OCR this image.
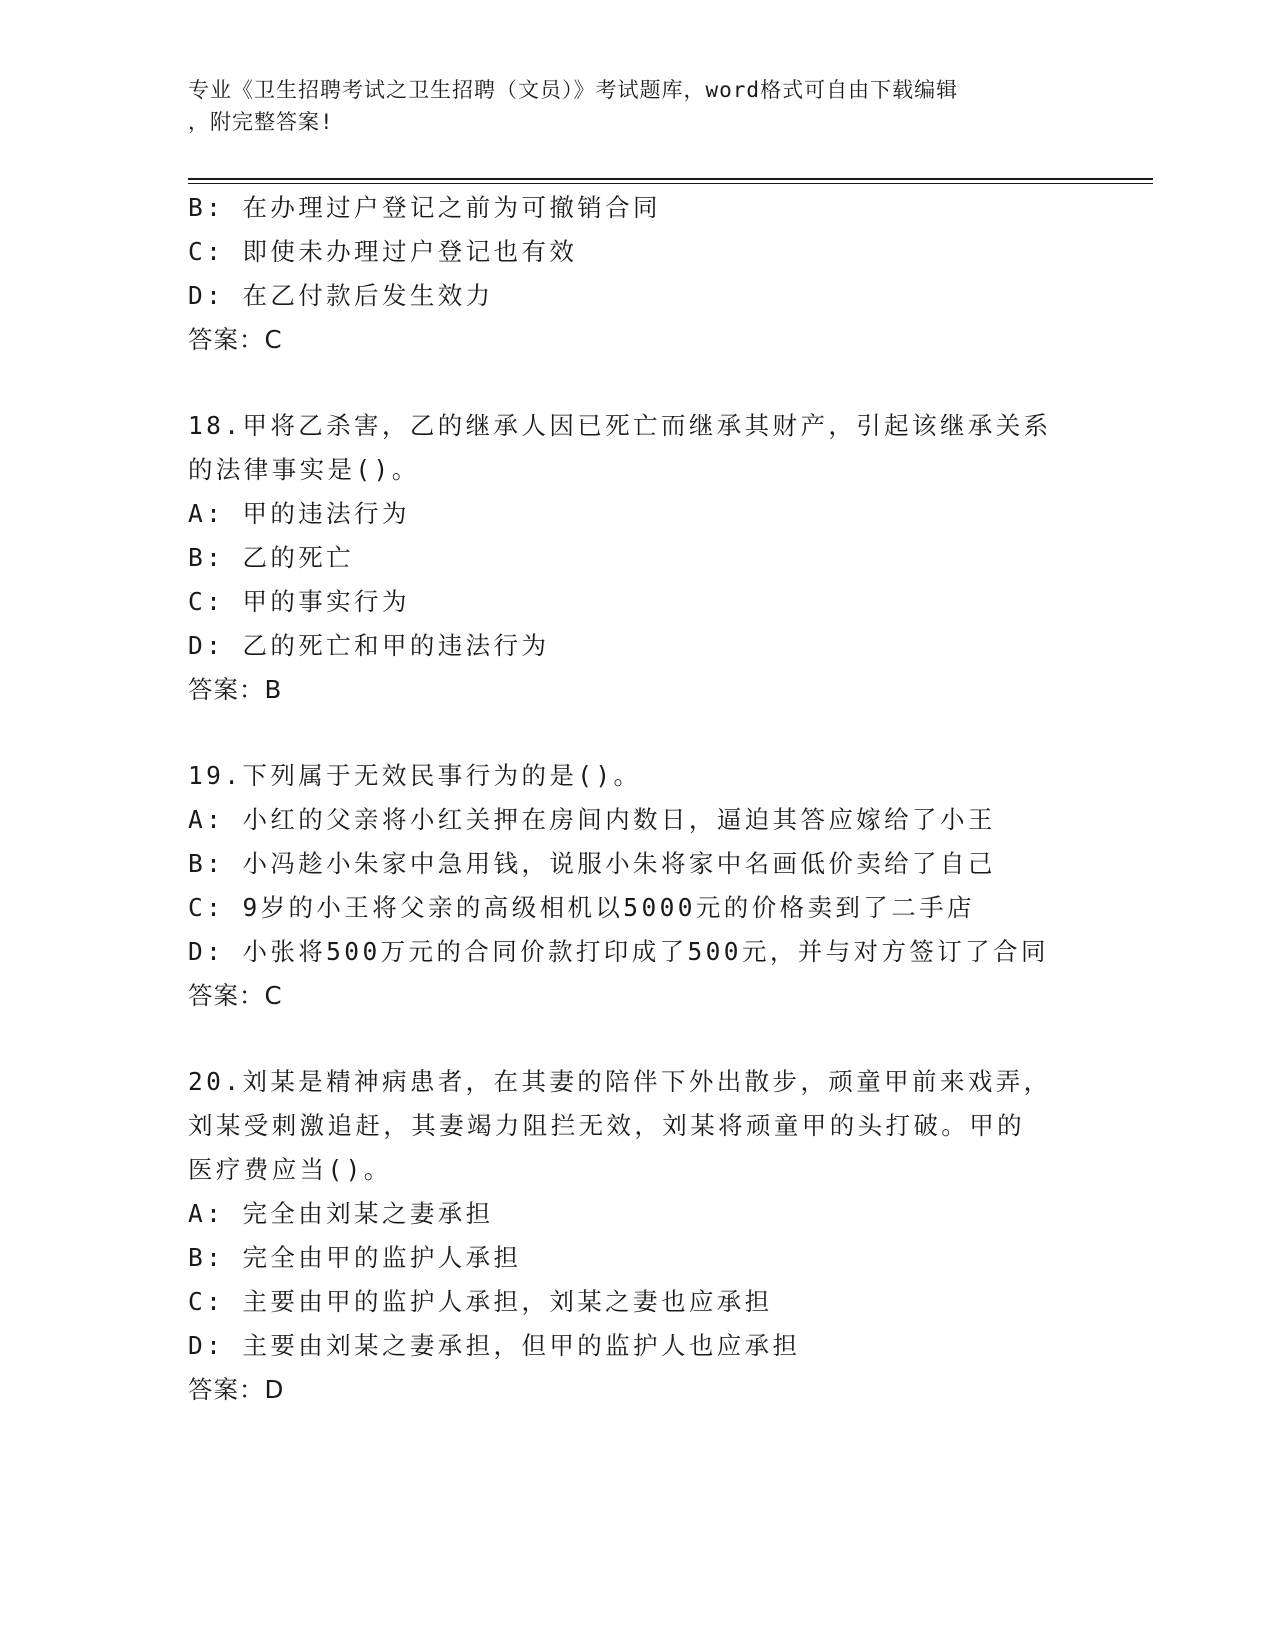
专业《卫生招聘考试之卫生招聘（文员）》考试题库，word格式可自由下载编辑
，附完整答案!
B: 在办理过户登记之前为可撤销合同
C: 即使未办理过户登记也有效
D: 在乙付款后发生效力
答案：C
18.甲将乙杀害，乙的继承人因已死亡而继承其财产，引起该继承关系
的法律事实是()。
A: 甲的违法行为
B: 乙的死亡
C: 甲的事实行为
D: 乙的死亡和甲的违法行为
答案：B
19.下列属于无效民事行为的是()。
A: 小红的父亲将小红关押在房间内数日，逼迫其答应嫁给了小王
B: 小冯趁小朱家中急用钱，说服小朱将家中名画低价卖给了自己
C: 9岁的小王将父亲的高级相机以5000元的价格卖到了二手店
D: 小张将500万元的合同价款打印成了500元，并与对方签订了合同
答案：C
20.刘某是精神病患者，在其妻的陪伴下外出散步，顽童甲前来戏弄，
刘某受刺激追赶，其妻竭力阻拦无效，刘某将顽童甲的头打破。甲的
医疗费应当()。
A: 完全由刘某之妻承担
B: 完全由甲的监护人承担
C: 主要由甲的监护人承担，刘某之妻也应承担
D: 主要由刘某之妻承担，但甲的监护人也应承担
答案：D
